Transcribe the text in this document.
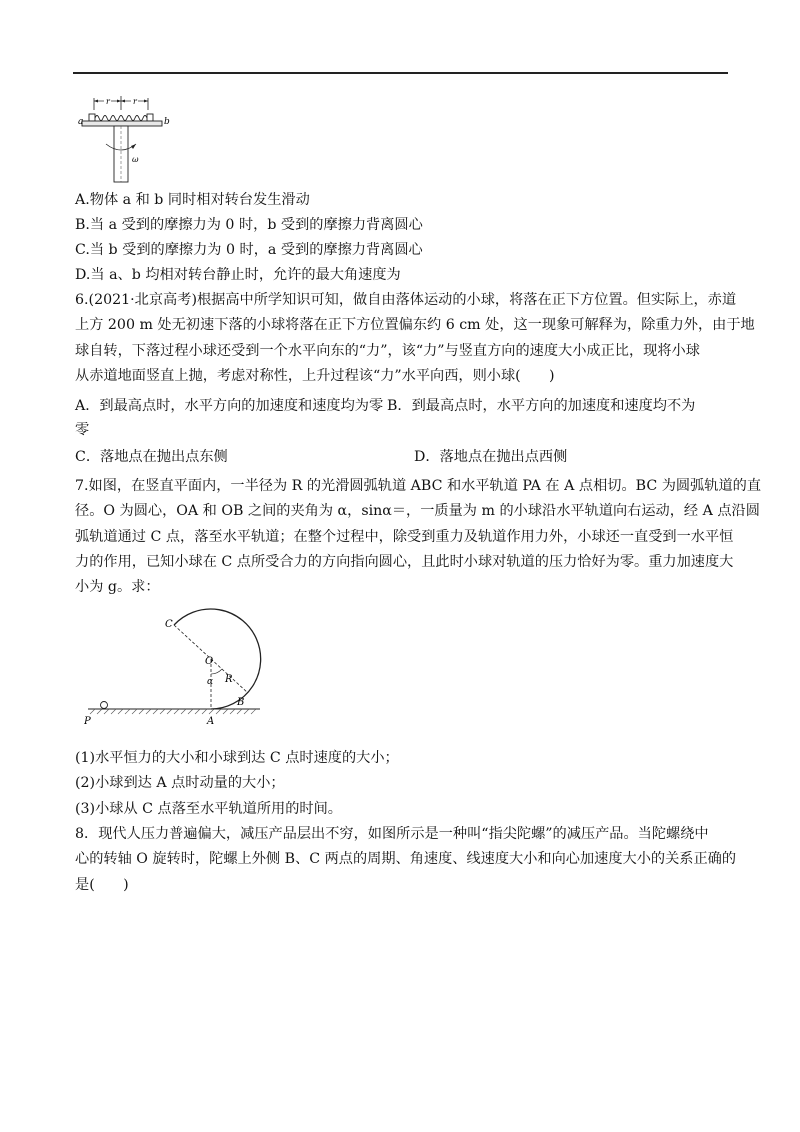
r	r
a	b
ω
A.物体 a 和 b 同时相对转台发生滑动
B.当 a 受到的摩擦力为 0 时，b 受到的摩擦力背离圆心
C.当 b 受到的摩擦力为 0 时，a 受到的摩擦力背离圆心
D.当 a、b 均相对转台静止时，允许的最大角速度为
6.(2021·北京高考)根据高中所学知识可知，做自由落体运动的小球，将落在正下方位置。但实际上，赤道
上方 200 m 处无初速下落的小球将落在正下方位置偏东约 6 cm 处，这一现象可解释为，除重力外，由于地
球自转，下落过程小球还受到一个水平向东的“力”，该“力”与竖直方向的速度大小成正比，现将小球
从赤道地面竖直上抛，考虑对称性，上升过程该“力”水平向西，则小球(　　)
A．到最高点时，水平方向的加速度和速度均为零 B．到最高点时，水平方向的加速度和速度均不为
零
C．落地点在抛出点东侧	D．落地点在抛出点西侧
7.如图，在竖直平面内，一半径为 R 的光滑圆弧轨道 ABC 和水平轨道 PA 在 A 点相切。BC 为圆弧轨道的直
径。O 为圆心，OA 和 OB 之间的夹角为 α，sinα＝，一质量为 m 的小球沿水平轨道向右运动，经 A 点沿圆
弧轨道通过 C 点，落至水平轨道；在整个过程中，除受到重力及轨道作用力外，小球还一直受到一水平恒
力的作用，已知小球在 C 点所受合力的方向指向圆心，且此时小球对轨道的压力恰好为零。重力加速度大
小为 g。求：
C
O
α R
B
P	A
(1)水平恒力的大小和小球到达 C 点时速度的大小；
(2)小球到达 A 点时动量的大小；
(3)小球从 C 点落至水平轨道所用的时间。
8．现代人压力普遍偏大，减压产品层出不穷，如图所示是一种叫“指尖陀螺”的减压产品。当陀螺绕中
心的转轴 O 旋转时，陀螺上外侧 B、C 两点的周期、角速度、线速度大小和向心加速度大小的关系正确的
是(　　)
